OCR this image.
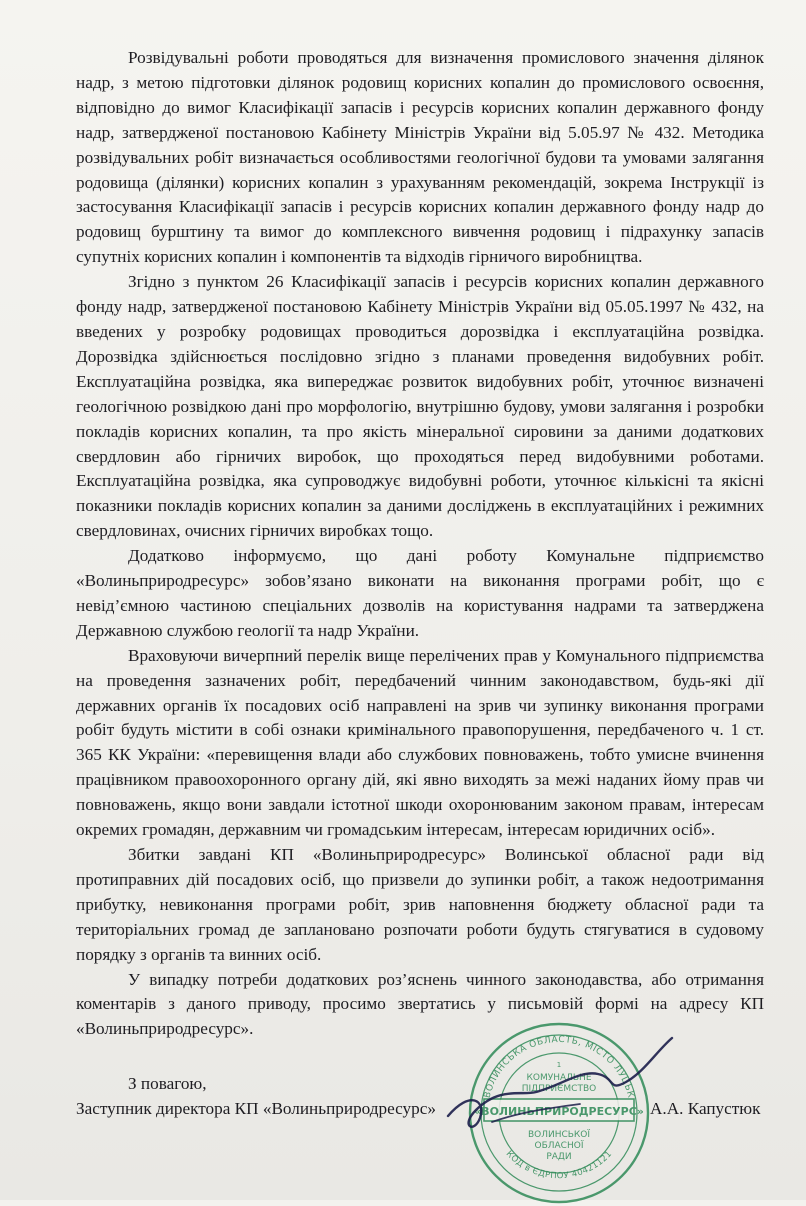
Розвідувальні роботи проводяться для визначення промислового значення ділянок надр, з метою підготовки ділянок родовищ корисних копалин до промислового освоєння, відповідно до вимог Класифікації запасів і ресурсів корисних копалин державного фонду надр, затвердженої постановою Кабінету Міністрів України від 5.05.97 № 432. Методика розвідувальних робіт визначається особливостями геологічної будови та умовами залягання родовища (ділянки) корисних копалин з урахуванням рекомендацій, зокрема Інструкції із застосування Класифікації запасів і ресурсів корисних копалин державного фонду надр до родовищ бурштину та вимог до комплексного вивчення родовищ і підрахунку запасів супутніх корисних копалин і компонентів та відходів гірничого виробництва.

Згідно з пунктом 26 Класифікації запасів і ресурсів корисних копалин державного фонду надр, затвердженої постановою Кабінету Міністрів України від 05.05.1997 № 432, на введених у розробку родовищах проводиться дорозвідка і експлуатаційна розвідка. Дорозвідка здійснюється послідовно згідно з планами проведення видобувних робіт. Експлуатаційна розвідка, яка випереджає розвиток видобувних робіт, уточнює визначені геологічною розвідкою дані про морфологію, внутрішню будову, умови залягання і розробки покладів корисних копалин, та про якість мінеральної сировини за даними додаткових свердловин або гірничих виробок, що проходяться перед видобувними роботами. Експлуатаційна розвідка, яка супроводжує видобувні роботи, уточнює кількісні та якісні показники покладів корисних копалин за даними досліджень в експлуатаційних і режимних свердловинах, очисних гірничих виробках тощо.

Додатково інформуємо, що дані роботу Комунальне підприємство «Волиньприродресурс» зобов’язано виконати на виконання програми робіт, що є невід’ємною частиною спеціальних дозволів на користування надрами та затверджена Державною службою геології та надр України.

Враховуючи вичерпний перелік вище перелічених прав у Комунального підприємства на проведення зазначених робіт, передбачений чинним законодавством, будь-які дії державних органів їх посадових осіб направлені на зрив чи зупинку виконання програми робіт будуть містити в собі ознаки кримінального правопорушення, передбаченого ч. 1 ст. 365 КК України: «перевищення влади або службових повноважень, тобто умисне вчинення працівником правоохоронного органу дій, які явно виходять за межі наданих йому прав чи повноважень, якщо вони завдали істотної шкоди охоронюваним законом правам, інтересам окремих громадян, державним чи громадським інтересам, інтересам юридичних осіб».

Збитки завдані КП «Волиньприродресурс» Волинської обласної ради від протиправних дій посадових осіб, що призвели до зупинки робіт, а також недоотримання прибутку, невиконання програми робіт, зрив наповнення бюджету обласної ради та територіальних громад де заплановано розпочати роботи будуть стягуватися в судовому порядку з органів та винних осіб.

У випадку потреби додаткових роз’яснень чинного законодавства, або отримання коментарів з даного приводу, просимо звертатись у письмовій формі на адресу КП «Волиньприродресурс».

З повагою,
Заступник директора КП «Волиньприродресурс»	А.А. Капустюк
ВОЛИНСЬКА ОБЛАСТЬ, МІСТО ЛУЦЬК
КОД в ЄДРПОУ 40421121
1
КОМУНАЛЬНЕ
ПІДПРИЄМСТВО
«ВОЛИНЬПРИРОДРЕСУРС»
ВОЛИНСЬКОЇ
ОБЛАСНОЇ
РАДИ
